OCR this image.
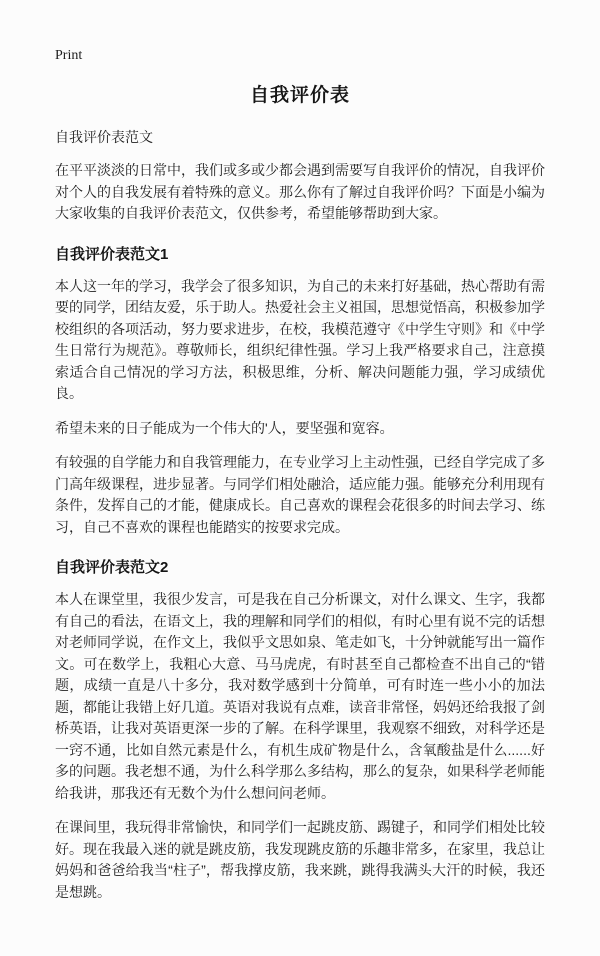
Print
自我评价表

自我评价表范文

在平平淡淡的日常中，我们或多或少都会遇到需要写自我评价的情况，自我评价对个人的自我发展有着特殊的意义。那么你有了解过自我评价吗？下面是小编为大家收集的自我评价表范文，仅供参考，希望能够帮助到大家。

自我评价表范文1

本人这一年的学习，我学会了很多知识，为自己的未来打好基础，热心帮助有需要的同学，团结友爱，乐于助人。热爱社会主义祖国，思想觉悟高，积极参加学校组织的各项活动，努力要求进步，在校，我模范遵守《中学生守则》和《中学生日常行为规范》。尊敬师长，组织纪律性强。学习上我严格要求自己，注意摸索适合自己情况的学习方法，积极思维，分析、解决问题能力强，学习成绩优良。

希望未来的日子能成为一个伟大的'人，要坚强和宽容。

有较强的自学能力和自我管理能力，在专业学习上主动性强，已经自学完成了多门高年级课程，进步显著。与同学们相处融洽，适应能力强。能够充分利用现有条件，发挥自己的才能，健康成长。自己喜欢的课程会花很多的时间去学习、练习，自己不喜欢的课程也能踏实的按要求完成。

自我评价表范文2

本人在课堂里，我很少发言，可是我在自己分析课文，对什么课文、生字，我都有自己的看法，在语文上，我的理解和同学们的相似，有时心里有说不完的话想对老师同学说，在作文上，我似乎文思如泉、笔走如飞，十分钟就能写出一篇作文。可在数学上，我粗心大意、马马虎虎，有时甚至自己都检查不出自己的“错题，成绩一直是八十多分，我对数学感到十分简单，可有时连一些小小的加法题，都能让我错上好几道。英语对我说有点难，读音非常怪，妈妈还给我报了剑桥英语，让我对英语更深一步的了解。在科学课里，我观察不细致，对科学还是一窍不通，比如自然元素是什么，有机生成矿物是什么，含氧酸盐是什么......好多的问题。我老想不通，为什么科学那么多结构，那么的复杂，如果科学老师能给我讲，那我还有无数个为什么想问问老师。

在课间里，我玩得非常愉快，和同学们一起跳皮筋、踢键子，和同学们相处比较好。现在我最入迷的就是跳皮筋，我发现跳皮筋的乐趣非常多，在家里，我总让妈妈和爸爸给我当“柱子”，帮我撑皮筋，我来跳，跳得我满头大汗的时候，我还是想跳。
